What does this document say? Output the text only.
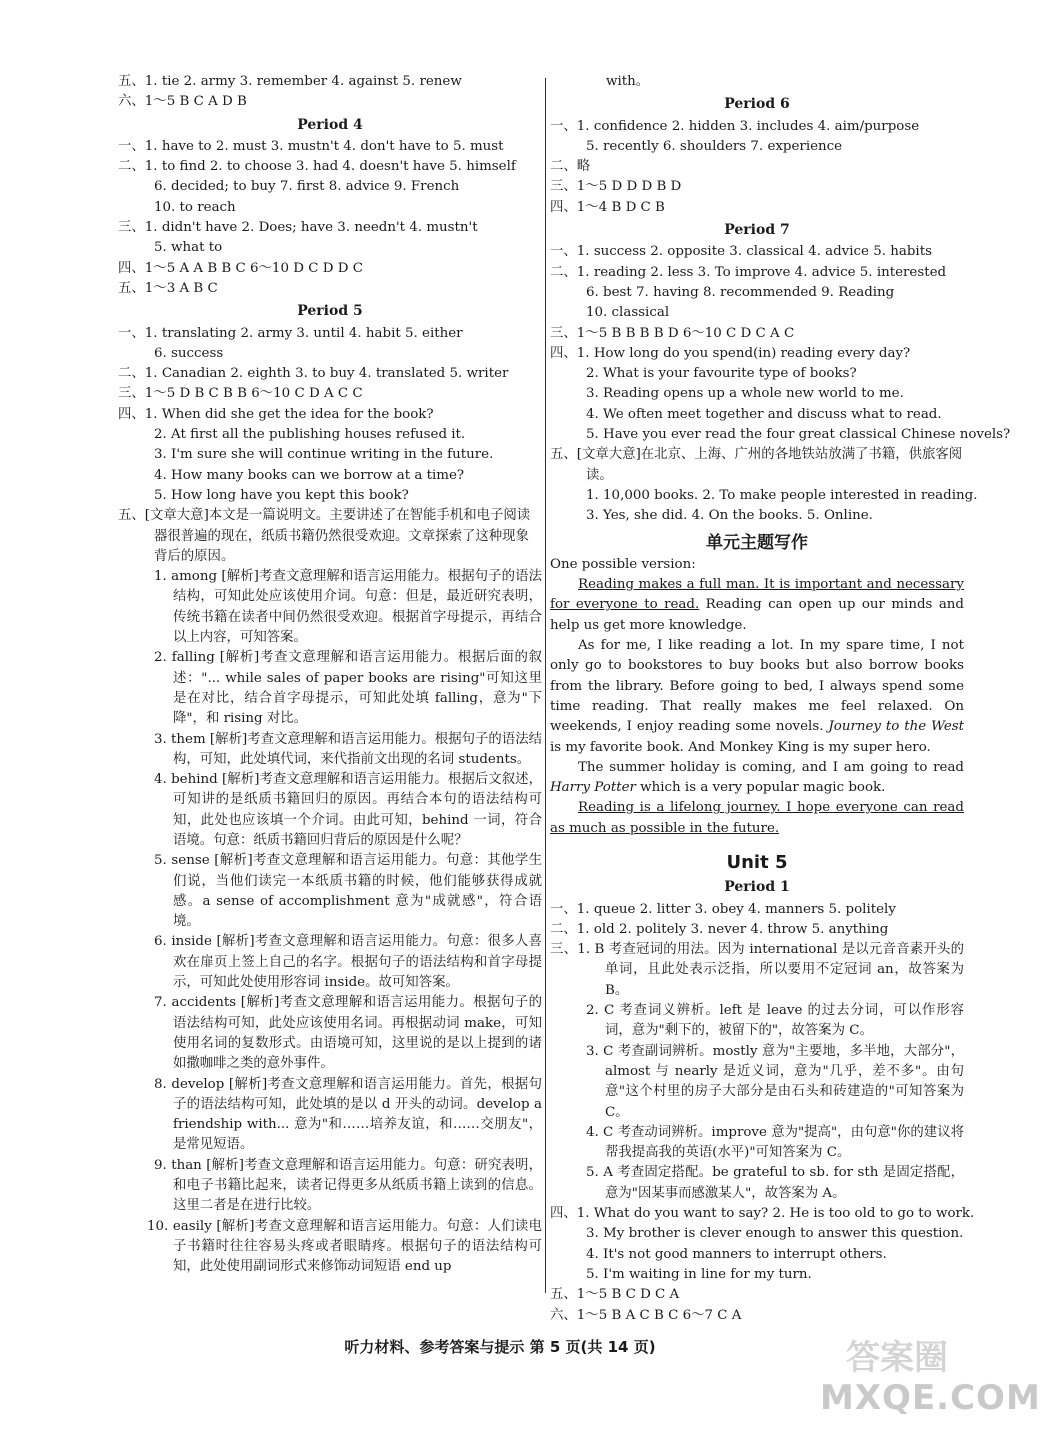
五、1. tie 2. army 3. remember 4. against 5. renew
六、1～5 B C A D B
Period 4
一、1. have to 2. must 3. mustn't 4. don't have to 5. must
二、1. to find 2. to choose 3. had 4. doesn't have 5. himself
6. decided; to buy 7. first 8. advice 9. French
10. to reach
三、1. didn't have 2. Does; have 3. needn't 4. mustn't
5. what to
四、1～5 A A B B C 6～10 D C D D C
五、1～3 A B C
Period 5
一、1. translating 2. army 3. until 4. habit 5. either
6. success
二、1. Canadian 2. eighth 3. to buy 4. translated 5. writer
三、1～5 D B C B B 6～10 C D A C C
四、1. When did she get the idea for the book?
2. At first all the publishing houses refused it.
3. I'm sure she will continue writing in the future.
4. How many books can we borrow at a time?
5. How long have you kept this book?
五、[文章大意]本文是一篇说明文。主要讲述了在智能手机和电子阅读器很普遍的现在，纸质书籍仍然很受欢迎。文章探索了这种现象背后的原因。
1. among [解析]考查文意理解和语言运用能力。根据句子的语法结构，可知此处应该使用介词。句意：但是，最近研究表明，传统书籍在读者中间仍然很受欢迎。根据首字母提示，再结合以上内容，可知答案。
2. falling [解析]考查文意理解和语言运用能力。根据后面的叙述："... while sales of paper books are rising"可知这里是在对比，结合首字母提示，可知此处填 falling，意为"下降"，和 rising 对比。
3. them [解析]考查文意理解和语言运用能力。根据句子的语法结构，可知，此处填代词，来代指前文出现的名词 students。
4. behind [解析]考查文意理解和语言运用能力。根据后文叙述，可知讲的是纸质书籍回归的原因。再结合本句的语法结构可知，此处也应该填一个介词。由此可知，behind 一词，符合语境。句意：纸质书籍回归背后的原因是什么呢？
5. sense [解析]考查文意理解和语言运用能力。句意：其他学生们说，当他们读完一本纸质书籍的时候，他们能够获得成就感。a sense of accomplishment 意为"成就感"，符合语境。
6. inside [解析]考查文意理解和语言运用能力。句意：很多人喜欢在扉页上签上自己的名字。根据句子的语法结构和首字母提示，可知此处使用形容词 inside。故可知答案。
7. accidents [解析]考查文意理解和语言运用能力。根据句子的语法结构可知，此处应该使用名词。再根据动词 make，可知使用名词的复数形式。由语境可知，这里说的是以上提到的诸如撒咖啡之类的意外事件。
8. develop [解析]考查文意理解和语言运用能力。首先，根据句子的语法结构可知，此处填的是以 d 开头的动词。develop a friendship with... 意为"和……培养友谊，和……交朋友"，是常见短语。
9. than [解析]考查文意理解和语言运用能力。句意：研究表明，和电子书籍比起来，读者记得更多从纸质书籍上读到的信息。这里二者是在进行比较。
10. easily [解析]考查文意理解和语言运用能力。句意：人们读电子书籍时往往容易头疼或者眼睛疼。根据句子的语法结构可知，此处使用副词形式来修饰动词短语 end up
with。
Period 6
一、1. confidence 2. hidden 3. includes 4. aim/purpose
5. recently 6. shoulders 7. experience
二、略
三、1～5 D D D B D
四、1～4 B D C B
Period 7
一、1. success 2. opposite 3. classical 4. advice 5. habits
二、1. reading 2. less 3. To improve 4. advice 5. interested
6. best 7. having 8. recommended 9. Reading
10. classical
三、1～5 B B B B D 6～10 C D C A C
四、1. How long do you spend(in) reading every day?
2. What is your favourite type of books?
3. Reading opens up a whole new world to me.
4. We often meet together and discuss what to read.
5. Have you ever read the four great classical Chinese novels?
五、[文章大意]在北京、上海、广州的各地铁站放满了书籍，供旅客阅读。
1. 10,000 books. 2. To make people interested in reading.
3. Yes, she did. 4. On the books. 5. Online.
单元主题写作

One possible version:

Reading makes a full man. It is important and necessary for everyone to read. Reading can open up our minds and help us get more knowledge.

As for me, I like reading a lot. In my spare time, I not only go to bookstores to buy books but also borrow books from the library. Before going to bed, I always spend some time reading. That really makes me feel relaxed. On weekends, I enjoy reading some novels. Journey to the West is my favorite book. And Monkey King is my super hero.

The summer holiday is coming, and I am going to read Harry Potter which is a very popular magic book.

Reading is a lifelong journey. I hope everyone can read as much as possible in the future.

Unit 5
Period 1
一、1. queue 2. litter 3. obey 4. manners 5. politely
二、1. old 2. politely 3. never 4. throw 5. anything
三、1. B 考查冠词的用法。因为 international 是以元音音素开头的单词，且此处表示泛指，所以要用不定冠词 an，故答案为 B。
2. C 考查词义辨析。left 是 leave 的过去分词，可以作形容词，意为"剩下的，被留下的"，故答案为 C。
3. C 考查副词辨析。mostly 意为"主要地，多半地，大部分"，almost 与 nearly 是近义词，意为"几乎，差不多"。由句意"这个村里的房子大部分是由石头和砖建造的"可知答案为 C。
4. C 考查动词辨析。improve 意为"提高"，由句意"你的建议将帮我提高我的英语(水平)"可知答案为 C。
5. A 考查固定搭配。be grateful to sb. for sth 是固定搭配，意为"因某事而感激某人"，故答案为 A。
四、1. What do you want to say? 2. He is too old to go to work.
3. My brother is clever enough to answer this question.
4. It's not good manners to interrupt others.
5. I'm waiting in line for my turn.
五、1～5 B C D C A
六、1～5 B A C B C 6～7 C A
听力材料、参考答案与提示 第 5 页(共 14 页)	答案圈
MXQE.COM
